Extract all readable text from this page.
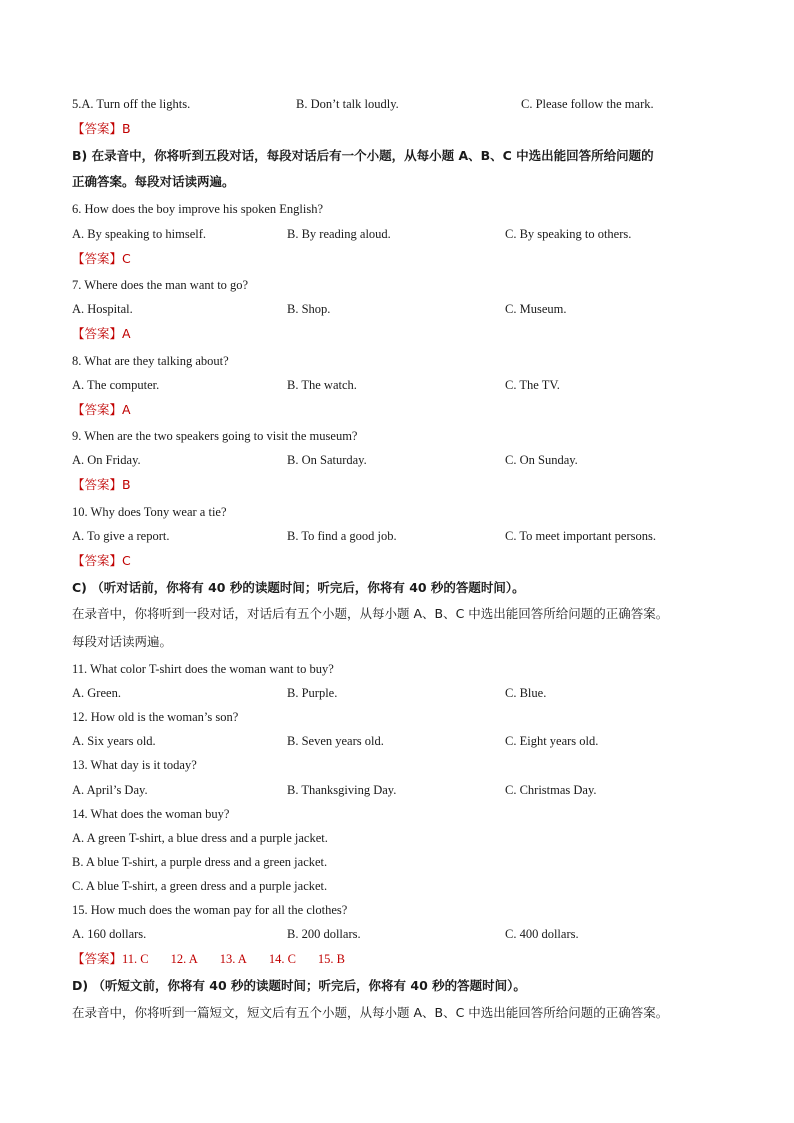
5.A. Turn off the lights.	B. Don’t talk loudly.	C. Please follow the mark.
【答案】B
B) 在录音中，你将听到五段对话，每段对话后有一个小题，从每小题 A、B、C 中选出能回答所给问题的
正确答案。每段对话读两遍。
6. How does the boy improve his spoken English?
A. By speaking to himself.	B. By reading aloud.	C. By speaking to others.
【答案】C
7. Where does the man want to go?
A. Hospital.	B. Shop.	C. Museum.
【答案】A
8. What are they talking about?
A. The computer.	B. The watch.	C. The TV.
【答案】A
9. When are the two speakers going to visit the museum?
A. On Friday.	B. On Saturday.	C. On Sunday.
【答案】B
10. Why does Tony wear a tie?
A. To give a report.	B. To find a good job.	C. To meet important persons.
【答案】C
C) （听对话前，你将有 40 秒的读题时间；听完后，你将有 40 秒的答题时间）。
在录音中，你将听到一段对话，对话后有五个小题，从每小题 A、B、C 中选出能回答所给问题的正确答案。
每段对话读两遍。
11. What color T-shirt does the woman want to buy?
A. Green.	B. Purple.	C. Blue.
12. How old is the woman’s son?
A. Six years old.	B. Seven years old.	C. Eight years old.
13. What day is it today?
A. April’s Day.	B. Thanksgiving Day.	C. Christmas Day.
14. What does the woman buy?
A. A green T-shirt, a blue dress and a purple jacket.
B. A blue T-shirt, a purple dress and a green jacket.
C. A blue T-shirt, a green dress and a purple jacket.
15. How much does the woman pay for all the clothes?
A. 160 dollars.	B. 200 dollars.	C. 400 dollars.
【答案】11. C 12. A 13. A 14. C 15. B
D) （听短文前，你将有 40 秒的读题时间；听完后，你将有 40 秒的答题时间）。
在录音中，你将听到一篇短文，短文后有五个小题，从每小题 A、B、C 中选出能回答所给问题的正确答案。
